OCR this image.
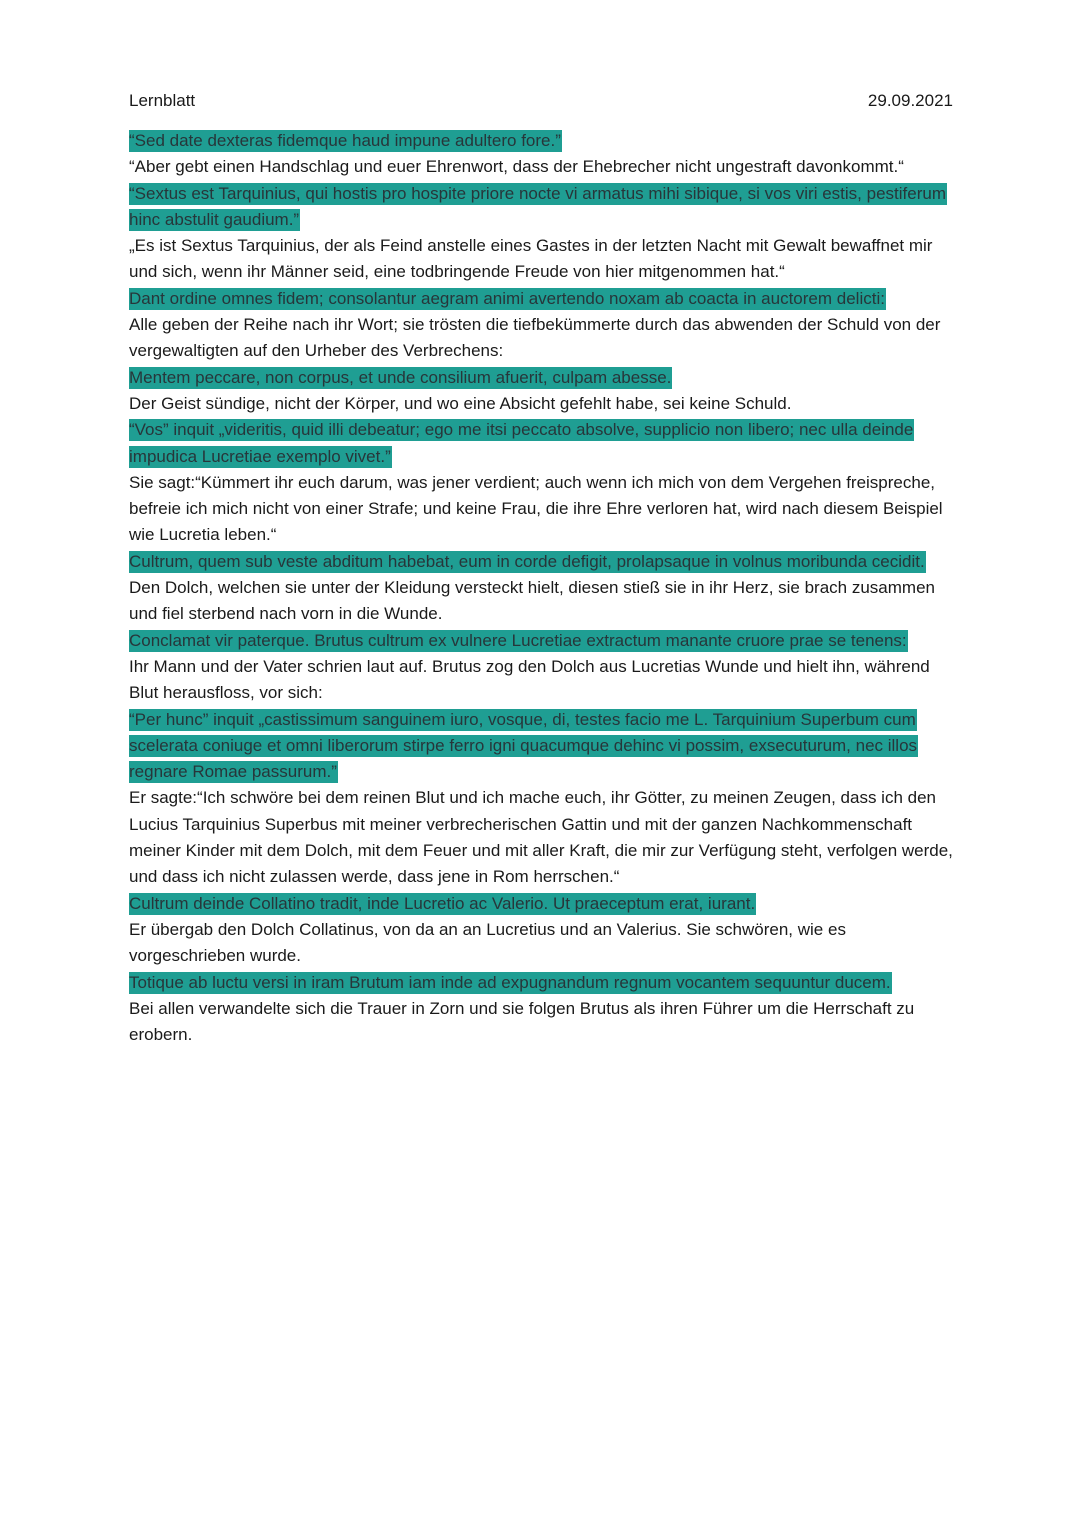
Lernblatt	29.09.2021

“Sed date dexteras fidemque haud impune adultero fore.”

“Aber gebt einen Handschlag und euer Ehrenwort, dass der Ehebrecher nicht ungestraft davonkommt.“

“Sextus est Tarquinius, qui hostis pro hospite priore nocte vi armatus mihi sibique, si vos viri estis, pestiferum hinc abstulit gaudium.”

„Es ist Sextus Tarquinius, der als Feind anstelle eines Gastes in der letzten Nacht mit Gewalt bewaffnet mir und sich, wenn ihr Männer seid, eine todbringende Freude von hier mitgenommen hat.“

Dant ordine omnes fidem; consolantur aegram animi avertendo noxam ab coacta in auctorem delicti:

Alle geben der Reihe nach ihr Wort; sie trösten die tiefbekümmerte durch das abwenden der Schuld von der vergewaltigten auf den Urheber des Verbrechens:

Mentem peccare, non corpus, et unde consilium afuerit, culpam abesse.

Der Geist sündige, nicht der Körper, und wo eine Absicht gefehlt habe, sei keine Schuld.

“Vos” inquit „videritis, quid illi debeatur; ego me itsi peccato absolve, supplicio non libero; nec ulla deinde impudica Lucretiae exemplo vivet.”

Sie sagt:“Kümmert ihr euch darum, was jener verdient; auch wenn ich mich von dem Vergehen freispreche, befreie ich mich nicht von einer Strafe; und keine Frau, die ihre Ehre verloren hat, wird nach diesem Beispiel wie Lucretia leben.“

Cultrum, quem sub veste abditum habebat, eum in corde defigit, prolapsaque in volnus moribunda cecidit.

Den Dolch, welchen sie unter der Kleidung versteckt hielt, diesen stieß sie in ihr Herz, sie brach zusammen und fiel sterbend nach vorn in die Wunde.

Conclamat vir paterque. Brutus cultrum ex vulnere Lucretiae extractum manante cruore prae se tenens:

Ihr Mann und der Vater schrien laut auf. Brutus zog den Dolch aus Lucretias Wunde und hielt ihn, während Blut herausfloss, vor sich:

“Per hunc” inquit „castissimum sanguinem iuro, vosque, di, testes facio me L. Tarquinium Superbum cum scelerata coniuge et omni liberorum stirpe ferro igni quacumque dehinc vi possim, exsecuturum, nec illos regnare Romae passurum.”

Er sagte:“Ich schwöre bei dem reinen Blut und ich mache euch, ihr Götter, zu meinen Zeugen, dass ich den Lucius Tarquinius Superbus mit meiner verbrecherischen Gattin und mit der ganzen Nachkommenschaft meiner Kinder mit dem Dolch, mit dem Feuer und mit aller Kraft, die mir zur Verfügung steht, verfolgen werde, und dass ich nicht zulassen werde, dass jene in Rom herrschen.“

Cultrum deinde Collatino tradit, inde Lucretio ac Valerio. Ut praeceptum erat, iurant.

Er übergab den Dolch Collatinus, von da an an Lucretius und an Valerius. Sie schwören, wie es vorgeschrieben wurde.

Totique ab luctu versi in iram Brutum iam inde ad expugnandum regnum vocantem sequuntur ducem.

Bei allen verwandelte sich die Trauer in Zorn und sie folgen Brutus als ihren Führer um die Herrschaft zu erobern.
